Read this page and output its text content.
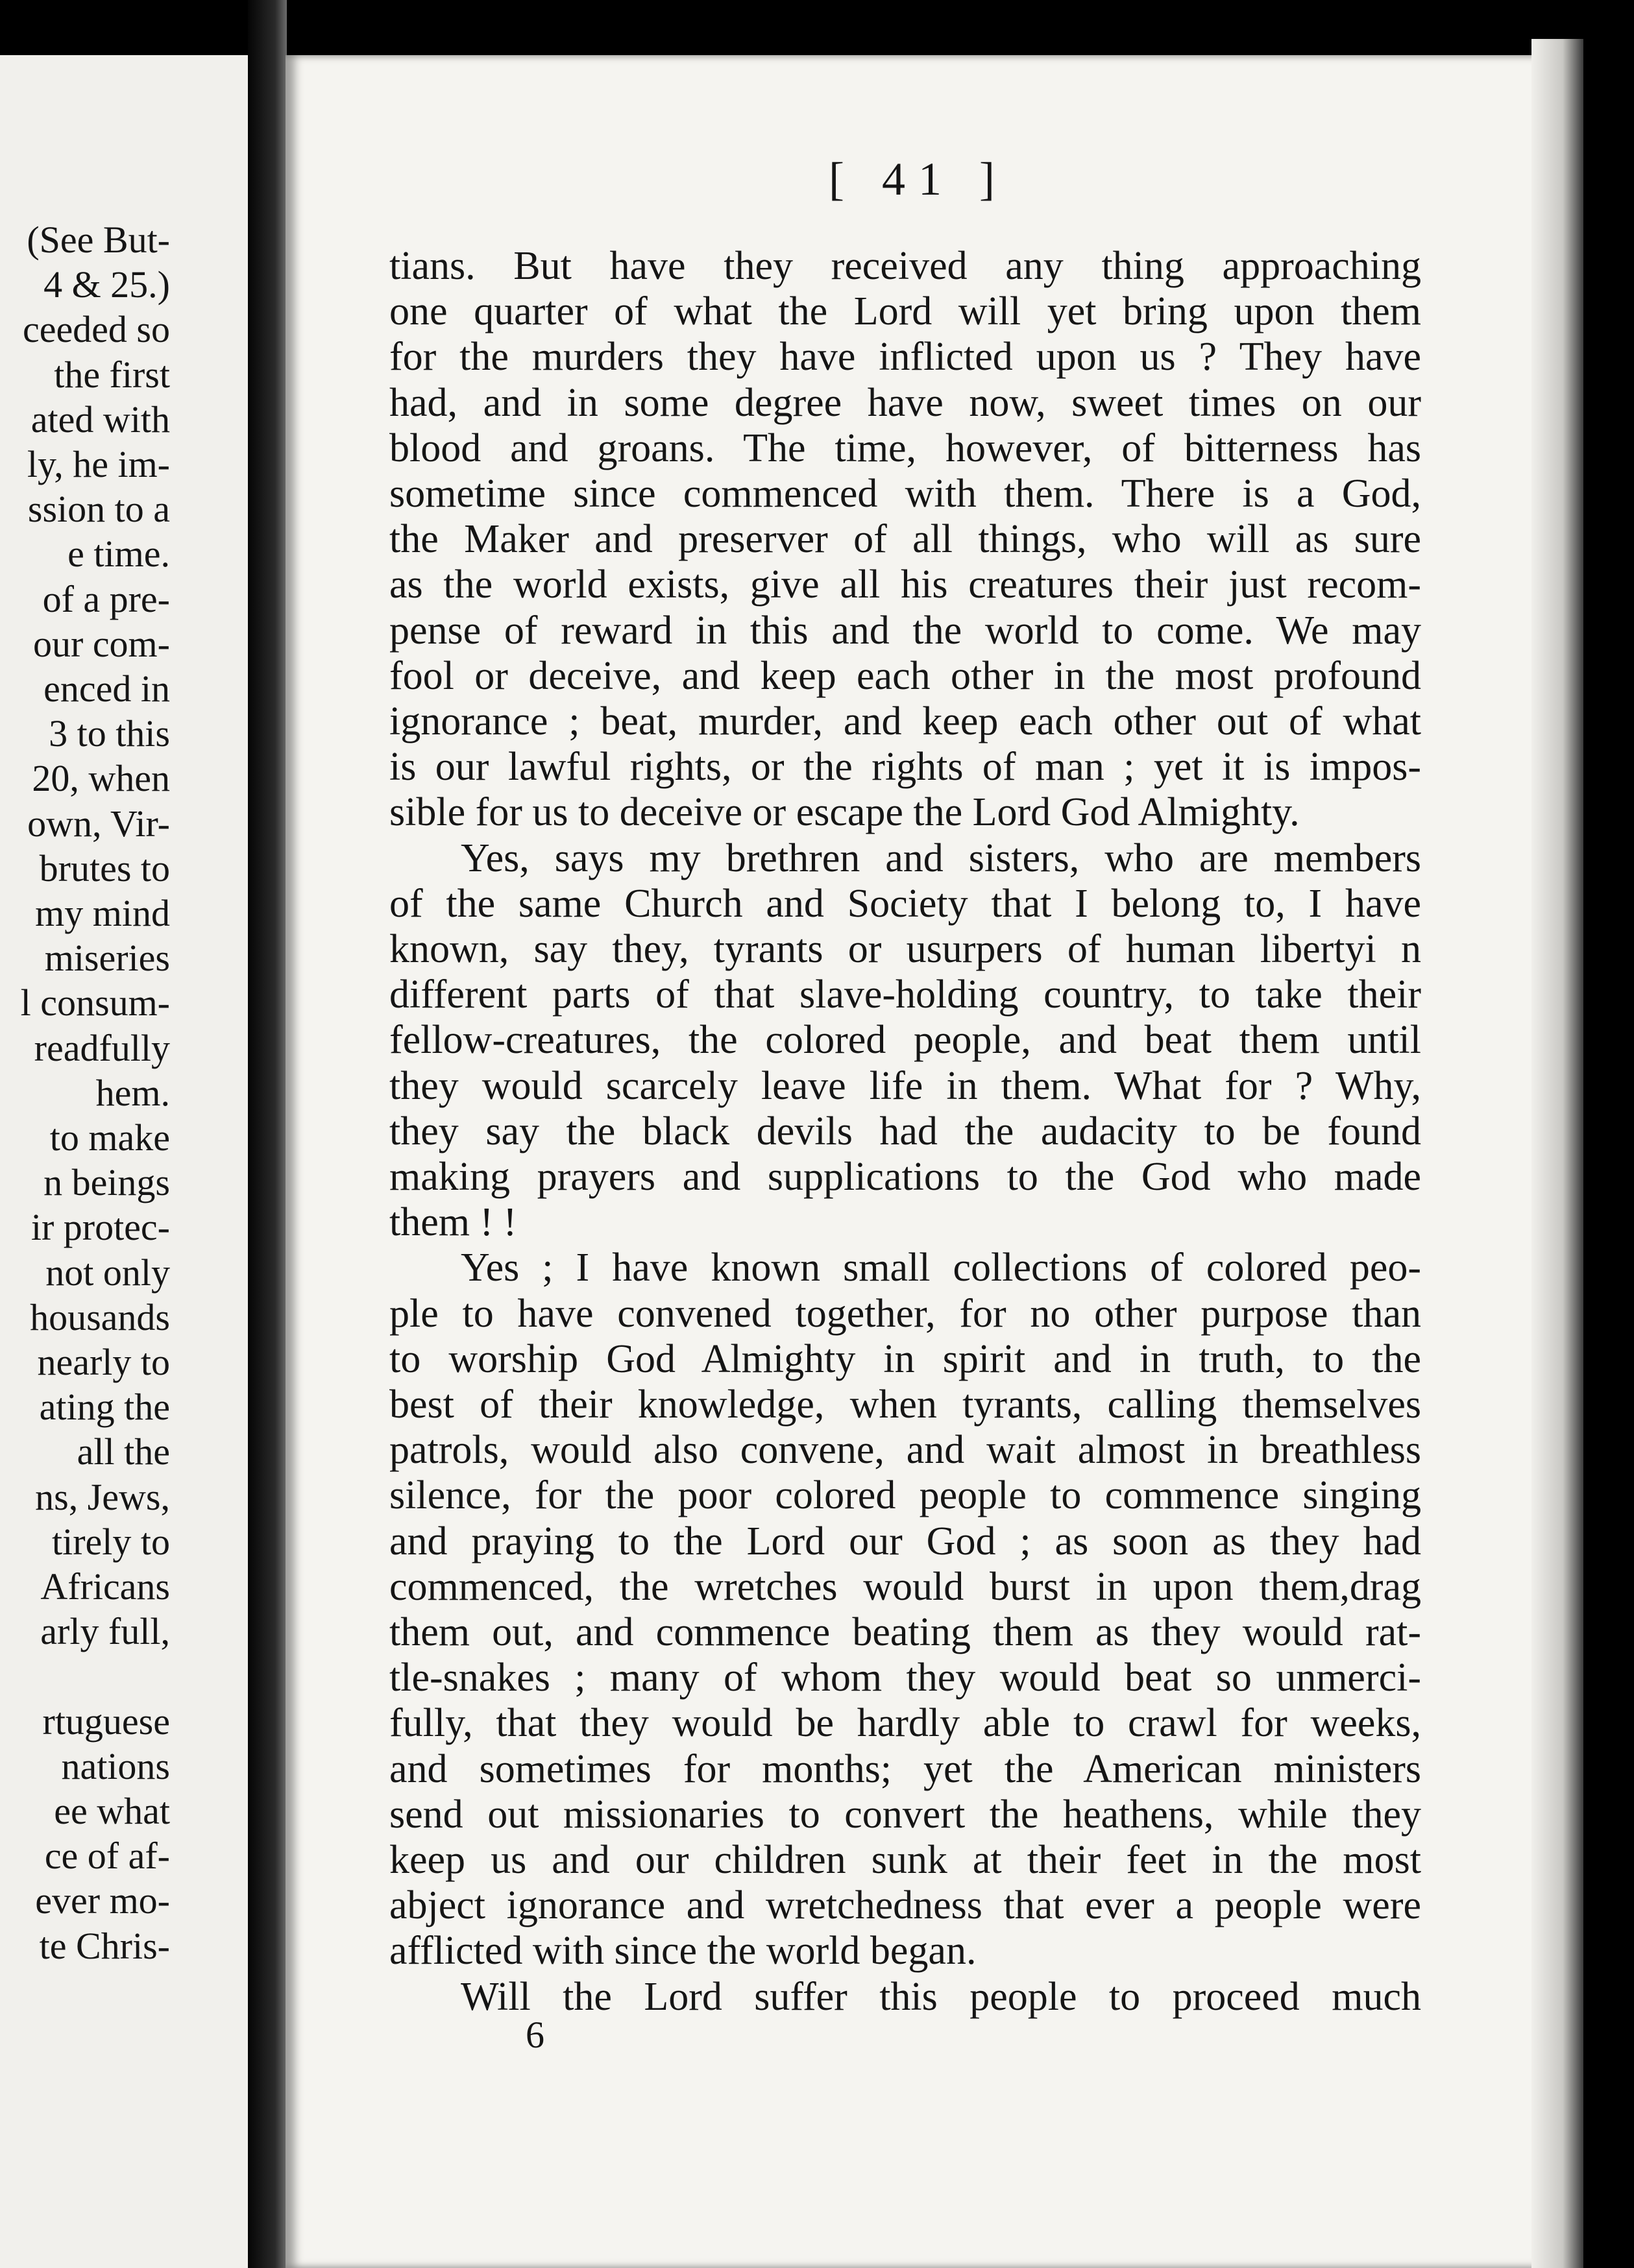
(See But-
4 & 25.)
ceeded so
the first
ated with
ly, he im-
ssion to a
e time.
of a pre-
our com-
enced in
3 to this
20, when
own, Vir-
brutes to
my mind
miseries
l consum-
readfully
hem.
to make
n beings
ir protec-
not only
housands
nearly to
ating the
all the
ns, Jews,
tirely to
Africans
arly full,
rtuguese
nations
ee what
ce of af-
ever mo-
te Chris-
[ 41 ]
6
tians. But have they received any thing approaching
one quarter of what the Lord will yet bring upon them
for the murders they have inflicted upon us ? They have
had, and in some degree have now, sweet times on our
blood and groans. The time, however, of bitterness has
sometime since commenced with them. There is a God,
the Maker and preserver of all things, who will as sure
as the world exists, give all his creatures their just recom-
pense of reward in this and the world to come. We may
fool or deceive, and keep each other in the most profound
ignorance ; beat, murder, and keep each other out of what
is our lawful rights, or the rights of man ; yet it is impos-
sible for us to deceive or escape the Lord God Almighty.
Yes, says my brethren and sisters, who are members
of the same Church and Society that I belong to, I have
known, say they, tyrants or usurpers of human libertyi n
different parts of that slave-holding country, to take their
fellow-creatures, the colored people, and beat them until
they would scarcely leave life in them. What for ? Why,
they say the black devils had the audacity to be found
making prayers and supplications to the God who made
them ! !
Yes ; I have known small collections of colored peo-
ple to have convened together, for no other purpose than
to worship God Almighty in spirit and in truth, to the
best of their knowledge, when tyrants, calling themselves
patrols, would also convene, and wait almost in breathless
silence, for the poor colored people to commence singing
and praying to the Lord our God ; as soon as they had
commenced, the wretches would burst in upon them,drag
them out, and commence beating them as they would rat-
tle-snakes ; many of whom they would beat so unmerci-
fully, that they would be hardly able to crawl for weeks,
and sometimes for months; yet the American ministers
send out missionaries to convert the heathens, while they
keep us and our children sunk at their feet in the most
abject ignorance and wretchedness that ever a people were
afflicted with since the world began.
Will the Lord suffer this people to proceed much
